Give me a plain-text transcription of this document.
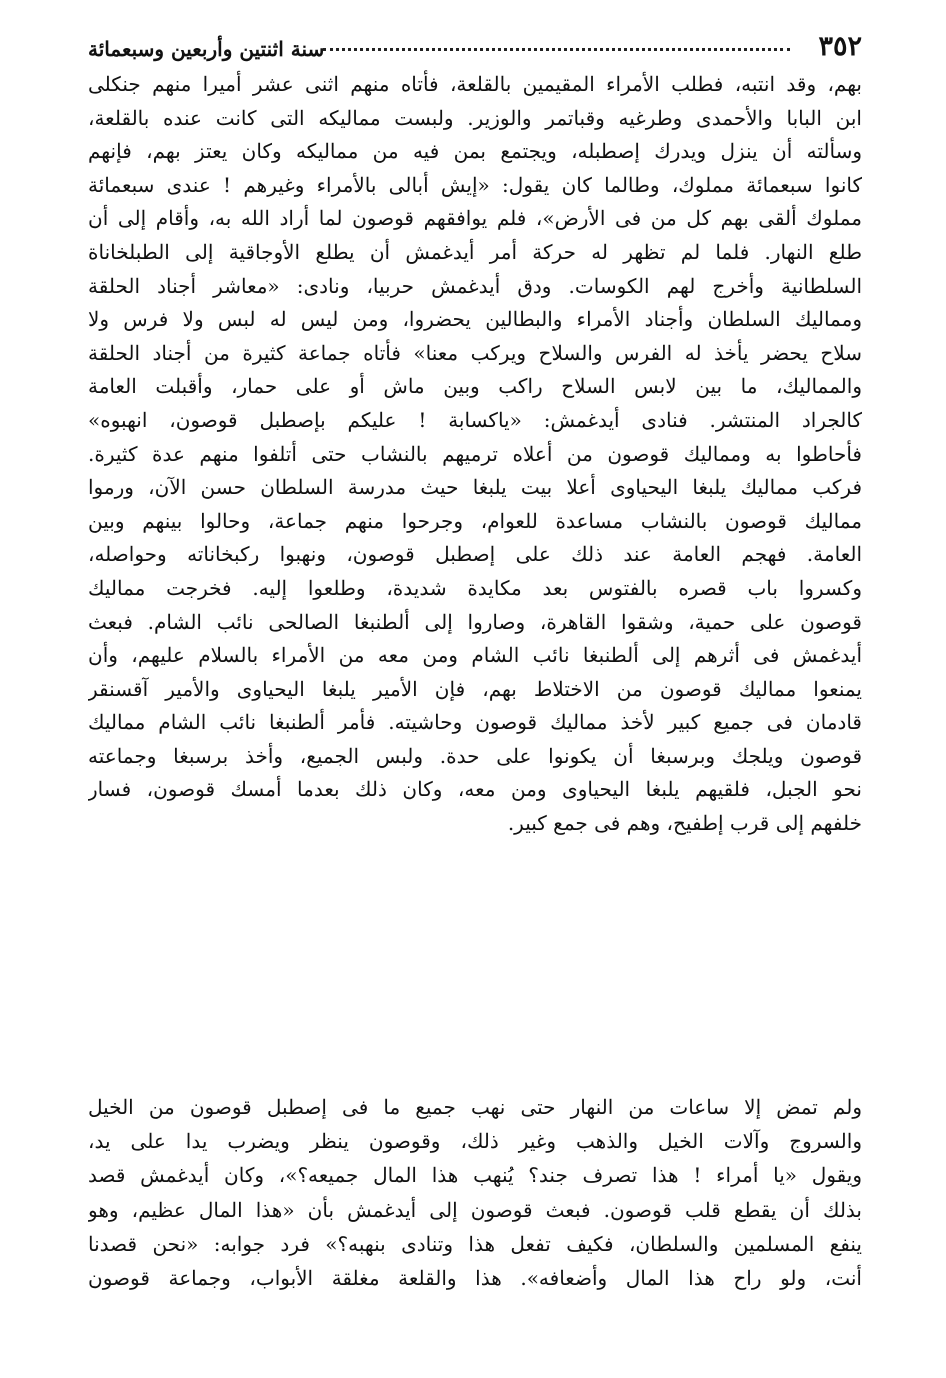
٣٥٢
سنة اثنتين وأربعين وسبعمائة
بهم، وقد انتبه، فطلب الأمراء المقيمين بالقلعة، فأتاه منهم اثنى عشر أميرا منهم جنكلى
ابن البابا والأحمدى وطرغيه وقباتمر والوزير. ولبست مماليكه التى كانت عنده بالقلعة،
وسألته أن ينزل ويدرك إصطبله، ويجتمع بمن فيه من مماليكه وكان يعتز بهم، فإنهم
كانوا سبعمائة مملوك، وطالما كان يقول: «إيش أبالى بالأمراء وغيرهم ! عندى سبعمائة
مملوك ألقى بهم كل من فى الأرض»، فلم يوافقهم قوصون لما أراد الله به، وأقام إلى أن
طلع النهار. فلما لم تظهر له حركة أمر أيدغمش أن يطلع الأوجاقية إلى الطبلخاناة
السلطانية وأخرج لهم الكوسات. ودق أيدغمش حربيا، ونادى: «معاشر أجناد الحلقة
ومماليك السلطان وأجناد الأمراء والبطالين يحضروا، ومن ليس له لبس ولا فرس ولا
سلاح يحضر يأخذ له الفرس والسلاح ويركب معنا» فأتاه جماعة كثيرة من أجناد الحلقة
والمماليك، ما بين لابس السلاح راكب وبين ماش أو على حمار، وأقبلت العامة
كالجراد المنتشر. فنادى أيدغمش: «ياكسابة ! عليكم بإصطبل قوصون، انهبوه»
فأحاطوا به ومماليك قوصون من أعلاه ترميهم بالنشاب حتى أتلفوا منهم عدة كثيرة.
فركب مماليك يلبغا اليحياوى أعلا بيت يلبغا حيث مدرسة السلطان حسن الآن، ورموا
مماليك قوصون بالنشاب مساعدة للعوام، وجرحوا منهم جماعة، وحالوا بينهم وبين
العامة. فهجم العامة عند ذلك على إصطبل قوصون، ونهبوا ركبخاناته وحواصله،
وكسروا باب قصره بالفتوس بعد مكايدة شديدة، وطلعوا إليه. فخرجت مماليك
قوصون على حمية، وشقوا القاهرة، وصاروا إلى ألطنبغا الصالحى نائب الشام. فبعث
أيدغمش فى أثرهم إلى ألطنبغا نائب الشام ومن معه من الأمراء بالسلام عليهم، وأن
يمنعوا مماليك قوصون من الاختلاط بهم، فإن الأمير يلبغا اليحياوى والأمير آقسنقر
قادمان فى جميع كبير لأخذ مماليك قوصون وحاشيته. فأمر ألطنبغا نائب الشام مماليك
قوصون ويلجك وبرسبغا أن يكونوا على حدة. ولبس الجميع، وأخذ برسبغا وجماعته
نحو الجبل، فلقيهم يلبغا اليحياوى ومن معه، وكان ذلك بعدما أمسك قوصون، فسار
خلفهم إلى قرب إطفيح، وهم فى جمع كبير.
ولم تمض إلا ساعات من النهار حتى نهب جميع ما فى إصطبل قوصون من الخيل
والسروج وآلات الخيل والذهب وغير ذلك، وقوصون ينظر ويضرب يدا على يد،
ويقول «يا أمراء ! هذا تصرف جند؟ يُنهب هذا المال جميعه؟»، وكان أيدغمش قصد
بذلك أن يقطع قلب قوصون. فبعث قوصون إلى أيدغمش بأن «هذا المال عظيم، وهو
ينفع المسلمين والسلطان، فكيف تفعل هذا وتنادى بنهبه؟» فرد جوابه: «نحن قصدنا
أنت، ولو راح هذا المال وأضعافه». هذا والقلعة مغلقة الأبواب، وجماعة قوصون
